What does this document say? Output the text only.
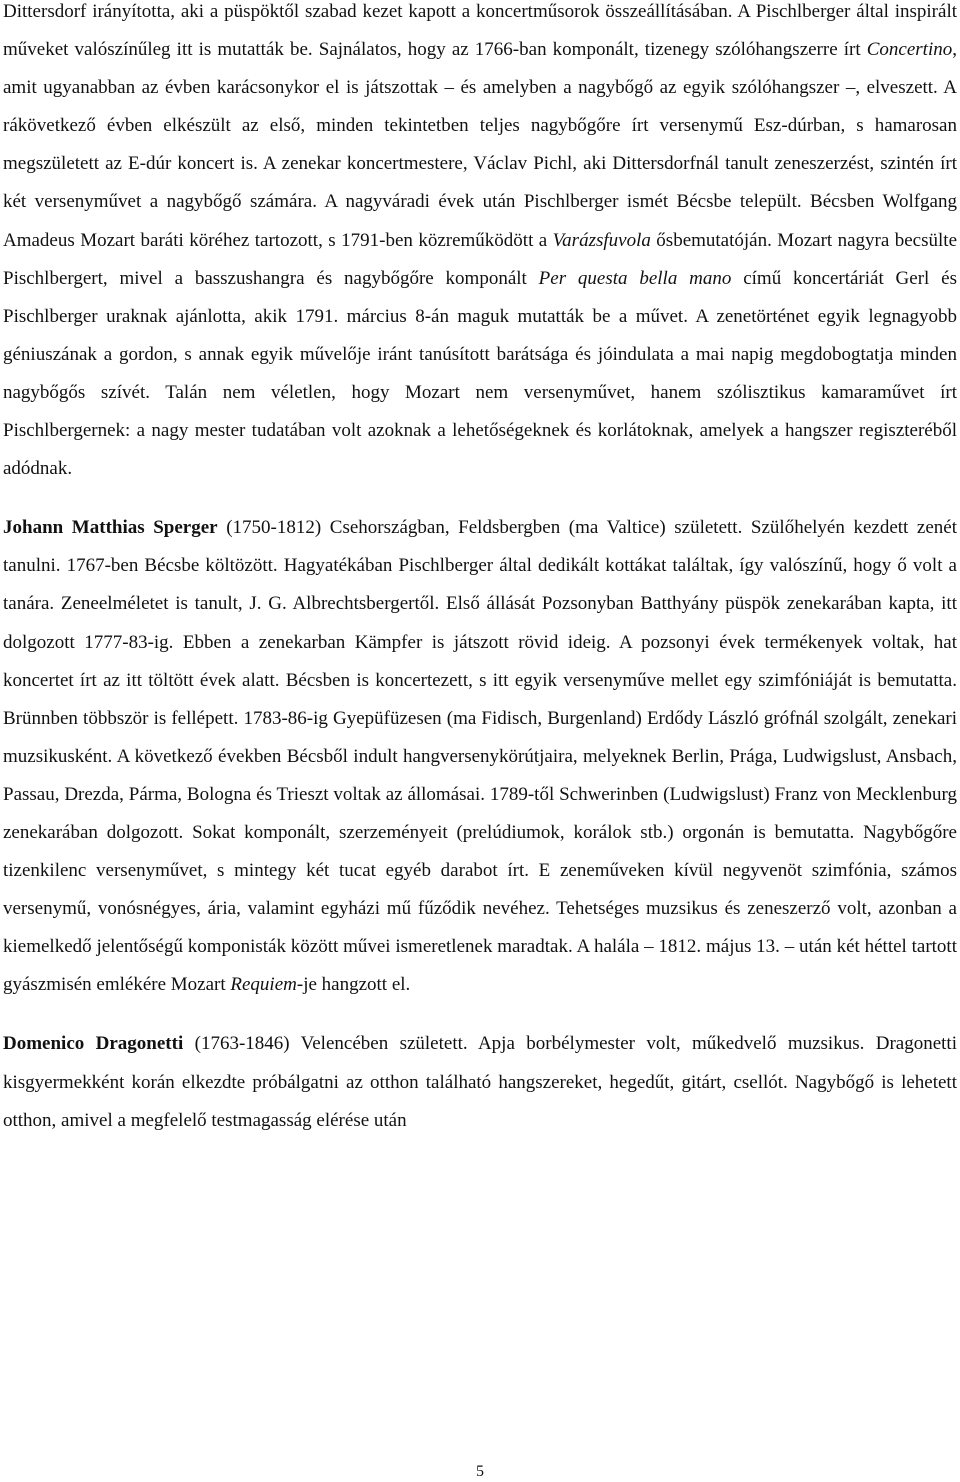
Dittersdorf irányította, aki a püspöktől szabad kezet kapott a koncertműsorok összeállításában. A Pischlberger által inspirált műveket valószínűleg itt is mutatták be. Sajnálatos, hogy az 1766-ban komponált, tizenegy szólóhangszerre írt Concertino, amit ugyanabban az évben karácsonykor el is játszottak – és amelyben a nagybőgő az egyik szólóhangszer –, elveszett. A rákövetkező évben elkészült az első, minden tekintetben teljes nagybőgőre írt versenymű Esz-dúrban, s hamarosan megszületett az E-dúr koncert is. A zenekar koncertmestere, Václav Pichl, aki Dittersdorfnál tanult zeneszerzést, szintén írt két versenyművet a nagybőgő számára. A nagyváradi évek után Pischlberger ismét Bécsbe települt. Bécsben Wolfgang Amadeus Mozart baráti köréhez tartozott, s 1791-ben közreműködött a Varázsfuvola ősbemutatóján. Mozart nagyra becsülte Pischlbergert, mivel a basszushangra és nagybőgőre komponált Per questa bella mano című koncertáriát Gerl és Pischlberger uraknak ajánlotta, akik 1791. március 8-án maguk mutatták be a művet. A zenetörténet egyik legnagyobb géniuszának a gordon, s annak egyik művelője iránt tanúsított barátsága és jóindulata a mai napig megdobogtatja minden nagybőgős szívét. Talán nem véletlen, hogy Mozart nem versenyművet, hanem szólisztikus kamaraművet írt Pischlbergernek: a nagy mester tudatában volt azoknak a lehetőségeknek és korlátoknak, amelyek a hangszer regiszteréből adódnak.

Johann Matthias Sperger (1750-1812) Csehországban, Feldsbergben (ma Valtice) született. Szülőhelyén kezdett zenét tanulni. 1767-ben Bécsbe költözött. Hagyatékában Pischlberger által dedikált kottákat találtak, így valószínű, hogy ő volt a tanára. Zeneelméletet is tanult, J. G. Albrechtsbergertől. Első állását Pozsonyban Batthyány püspök zenekarában kapta, itt dolgozott 1777-83-ig. Ebben a zenekarban Kämpfer is játszott rövid ideig. A pozsonyi évek termékenyek voltak, hat koncertet írt az itt töltött évek alatt. Bécsben is koncertezett, s itt egyik versenyműve mellet egy szimfóniáját is bemutatta. Brünnben többször is fellépett. 1783-86-ig Gyepüfüzesen (ma Fidisch, Burgenland) Erdődy László grófnál szolgált, zenekari muzsikusként. A következő években Bécsből indult hangversenykörútjaira, melyeknek Berlin, Prága, Ludwigslust, Ansbach, Passau, Drezda, Párma, Bologna és Trieszt voltak az állomásai. 1789-től Schwerinben (Ludwigslust) Franz von Mecklenburg zenekarában dolgozott. Sokat komponált, szerzeményeit (prelúdiumok, korálok stb.) orgonán is bemutatta. Nagybőgőre tizenkilenc versenyművet, s mintegy két tucat egyéb darabot írt. E zeneműveken kívül negyvenöt szimfónia, számos versenymű, vonósnégyes, ária, valamint egyházi mű fűződik nevéhez. Tehetséges muzsikus és zeneszerző volt, azonban a kiemelkedő jelentőségű komponisták között művei ismeretlenek maradtak. A halála – 1812. május 13. – után két héttel tartott gyászmisén emlékére Mozart Requiem-je hangzott el.

Domenico Dragonetti (1763-1846) Velencében született. Apja borbélymester volt, műkedvelő muzsikus. Dragonetti kisgyermekként korán elkezdte próbálgatni az otthon található hangszereket, hegedűt, gitárt, csellót. Nagybőgő is lehetett otthon, amivel a megfelelő testmagasság elérése után

5
